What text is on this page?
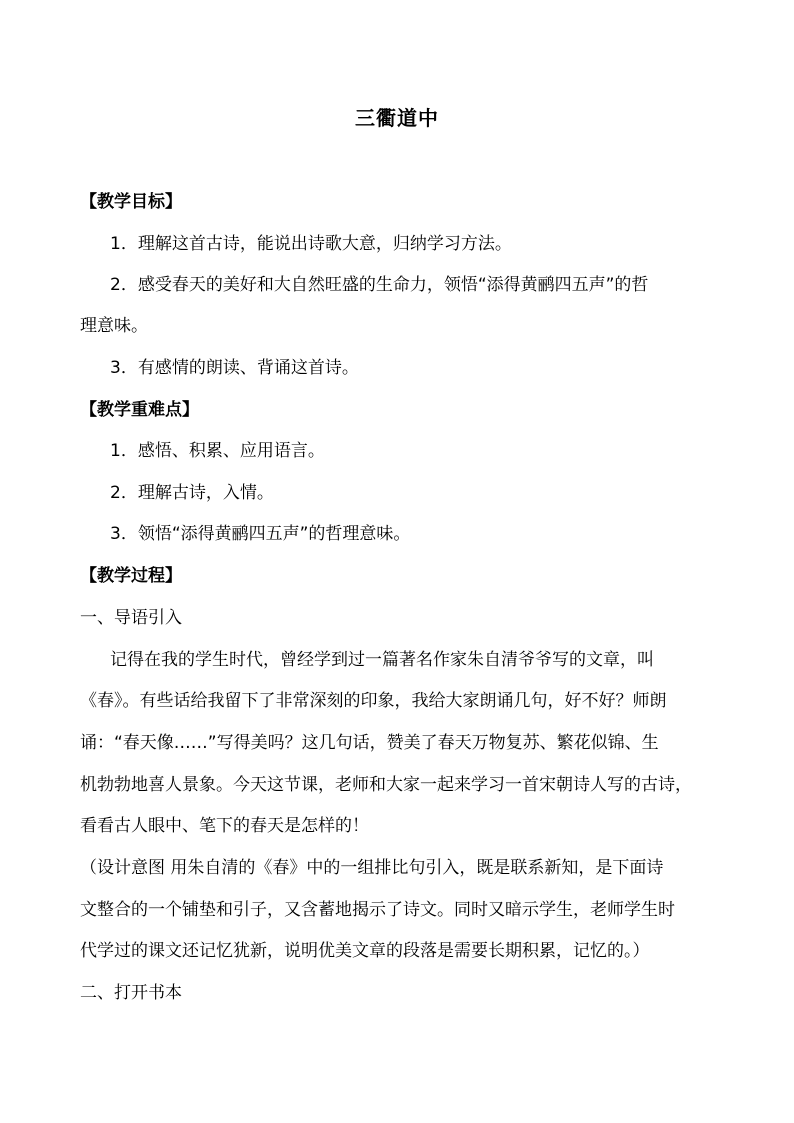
三衢道中
【教学目标】
1．理解这首古诗，能说出诗歌大意，归纳学习方法。
2．感受春天的美好和大自然旺盛的生命力，领悟“添得黄鹂四五声”的哲
理意味。
3．有感情的朗读、背诵这首诗。
【教学重难点】
1．感悟、积累、应用语言。
2．理解古诗，入情。
3．领悟“添得黄鹂四五声”的哲理意味。
【教学过程】
一、导语引入
记得在我的学生时代，曾经学到过一篇著名作家朱自清爷爷写的文章，叫
《春》。有些话给我留下了非常深刻的印象，我给大家朗诵几句，好不好？师朗
诵：“春天像……”写得美吗？这几句话，赞美了春天万物复苏、繁花似锦、生
机勃勃地喜人景象。今天这节课，老师和大家一起来学习一首宋朝诗人写的古诗，
看看古人眼中、笔下的春天是怎样的！
（设计意图 用朱自清的《春》中的一组排比句引入，既是联系新知，是下面诗
文整合的一个铺垫和引子，又含蓄地揭示了诗文。同时又暗示学生，老师学生时
代学过的课文还记忆犹新，说明优美文章的段落是需要长期积累，记忆的。）
二、打开书本
